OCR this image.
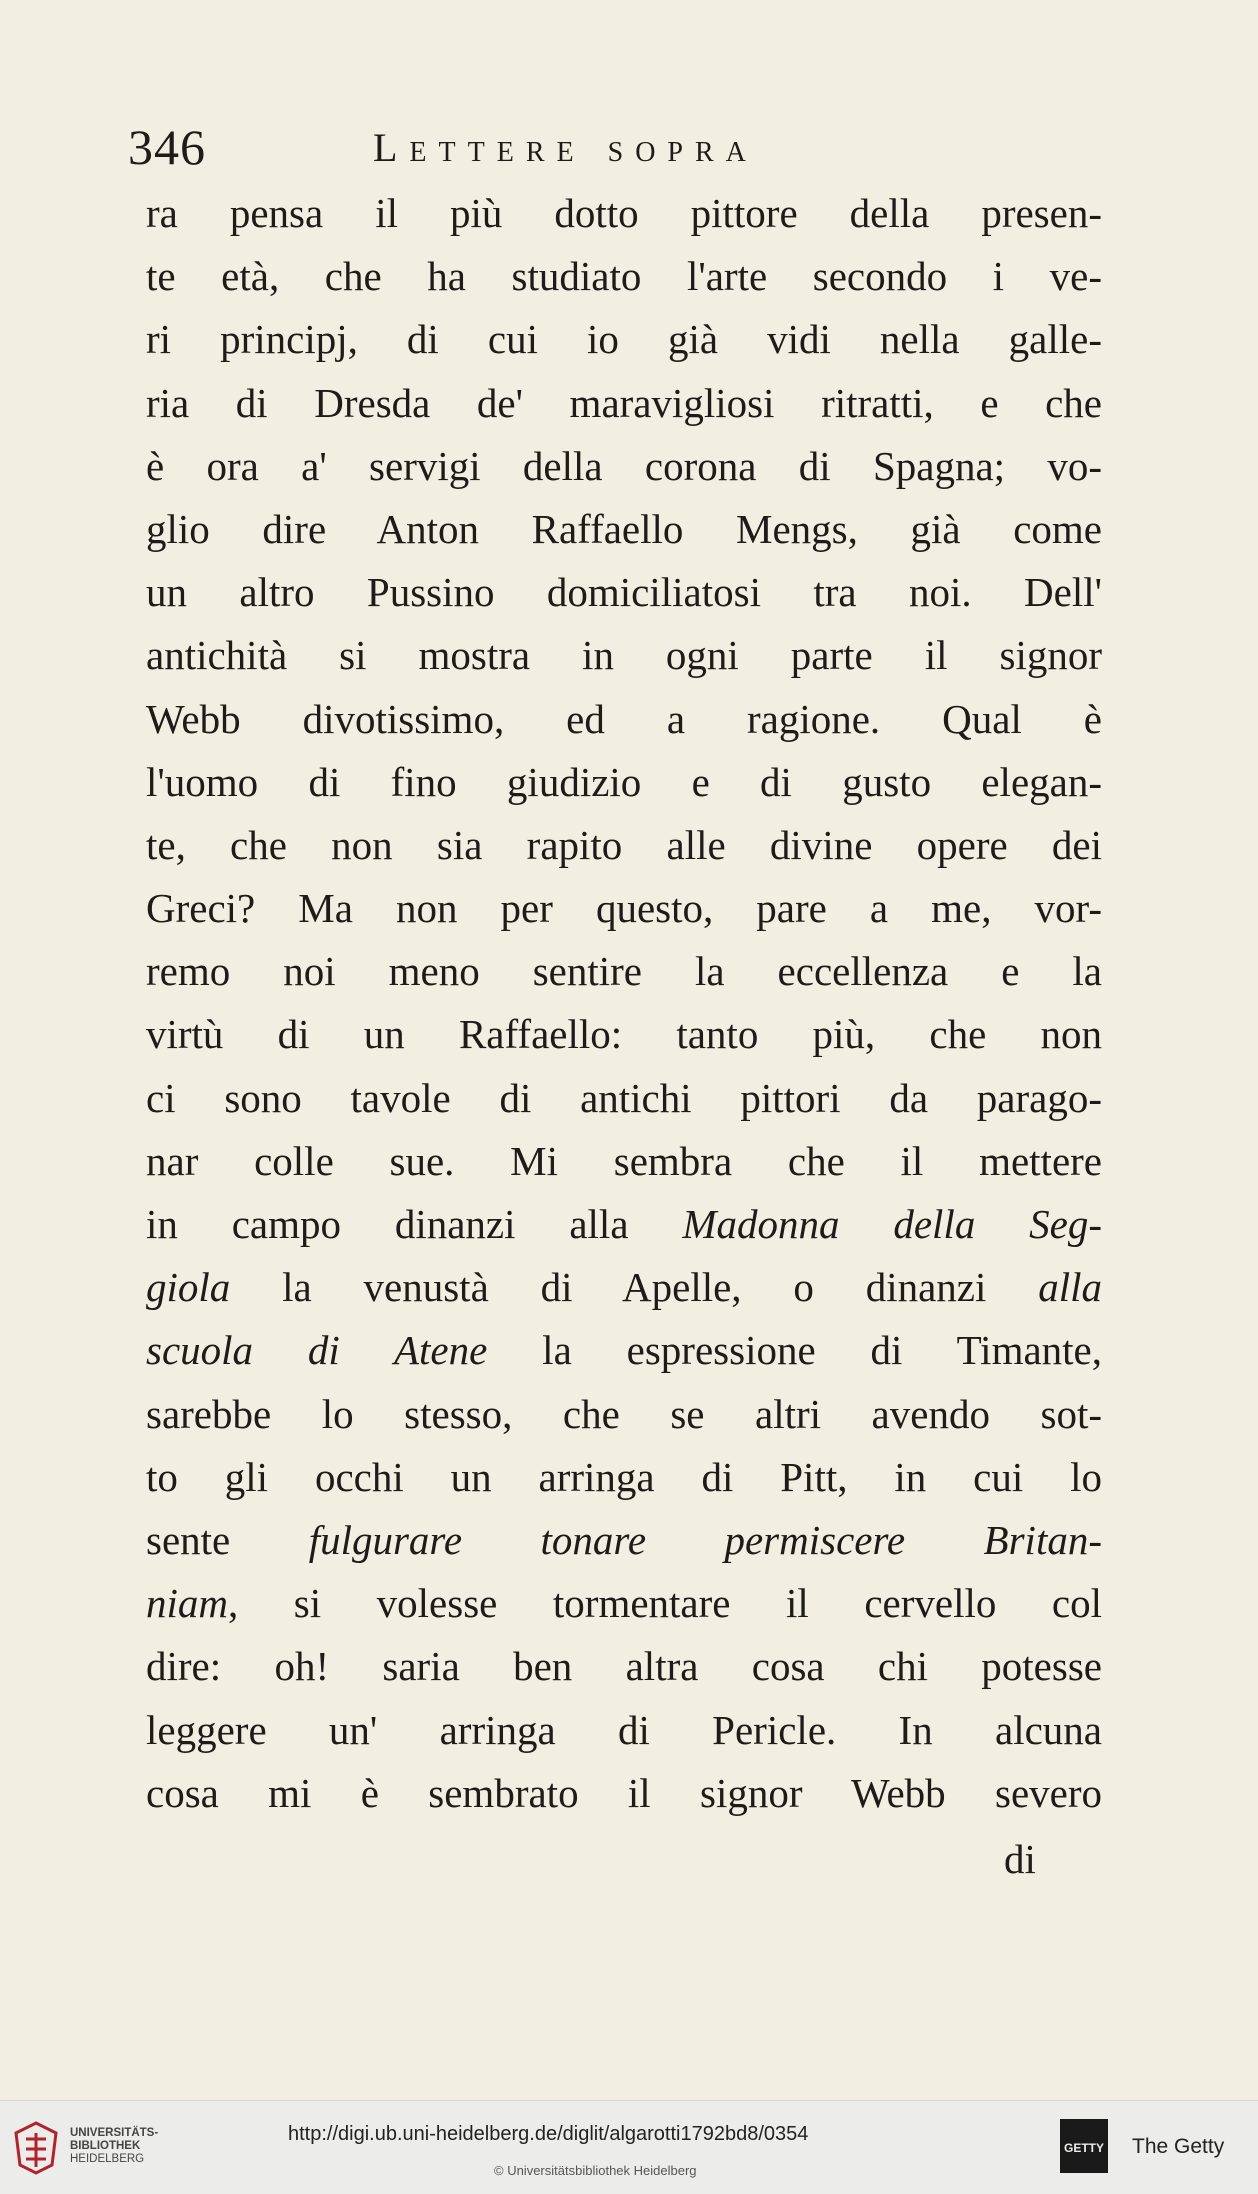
346	Lettere sopra
ra pensa il più dotto pittore della presen-
te età, che ha studiato l'arte secondo i ve-
ri principj, di cui io già vidi nella galle-
ria di Dresda de' maravigliosi ritratti, e che
è ora a' servigi della corona di Spagna; vo-
glio dire Anton Raffaello Mengs, già come
un altro Pussino domiciliatosi tra noi. Dell'
antichità si mostra in ogni parte il signor
Webb divotissimo, ed a ragione. Qual è
l'uomo di fino giudizio e di gusto elegan-
te, che non sia rapito alle divine opere dei
Greci? Ma non per questo, pare a me, vor-
remo noi meno sentire la eccellenza e la
virtù di un Raffaello: tanto più, che non
ci sono tavole di antichi pittori da parago-
nar colle sue. Mi sembra che il mettere
in campo dinanzi alla Madonna della Seg-
giola la venustà di Apelle, o dinanzi alla
scuola di Atene la espressione di Timante,
sarebbe lo stesso, che se altri avendo sot-
to gli occhi un arringa di Pitt, in cui lo
sente fulgurare tonare permiscere Britan-
niam, si volesse tormentare il cervello col
dire: oh! saria ben altra cosa chi potesse
leggere un' arringa di Pericle. In alcuna
cosa mi è sembrato il signor Webb severo
di
UNIVERSITÄTS-
BIBLIOTHEK
HEIDELBERG
http://digi.ub.uni-heidelberg.de/diglit/algarotti1792bd8/0354
© Universitätsbibliothek Heidelberg
GETTY The Getty
